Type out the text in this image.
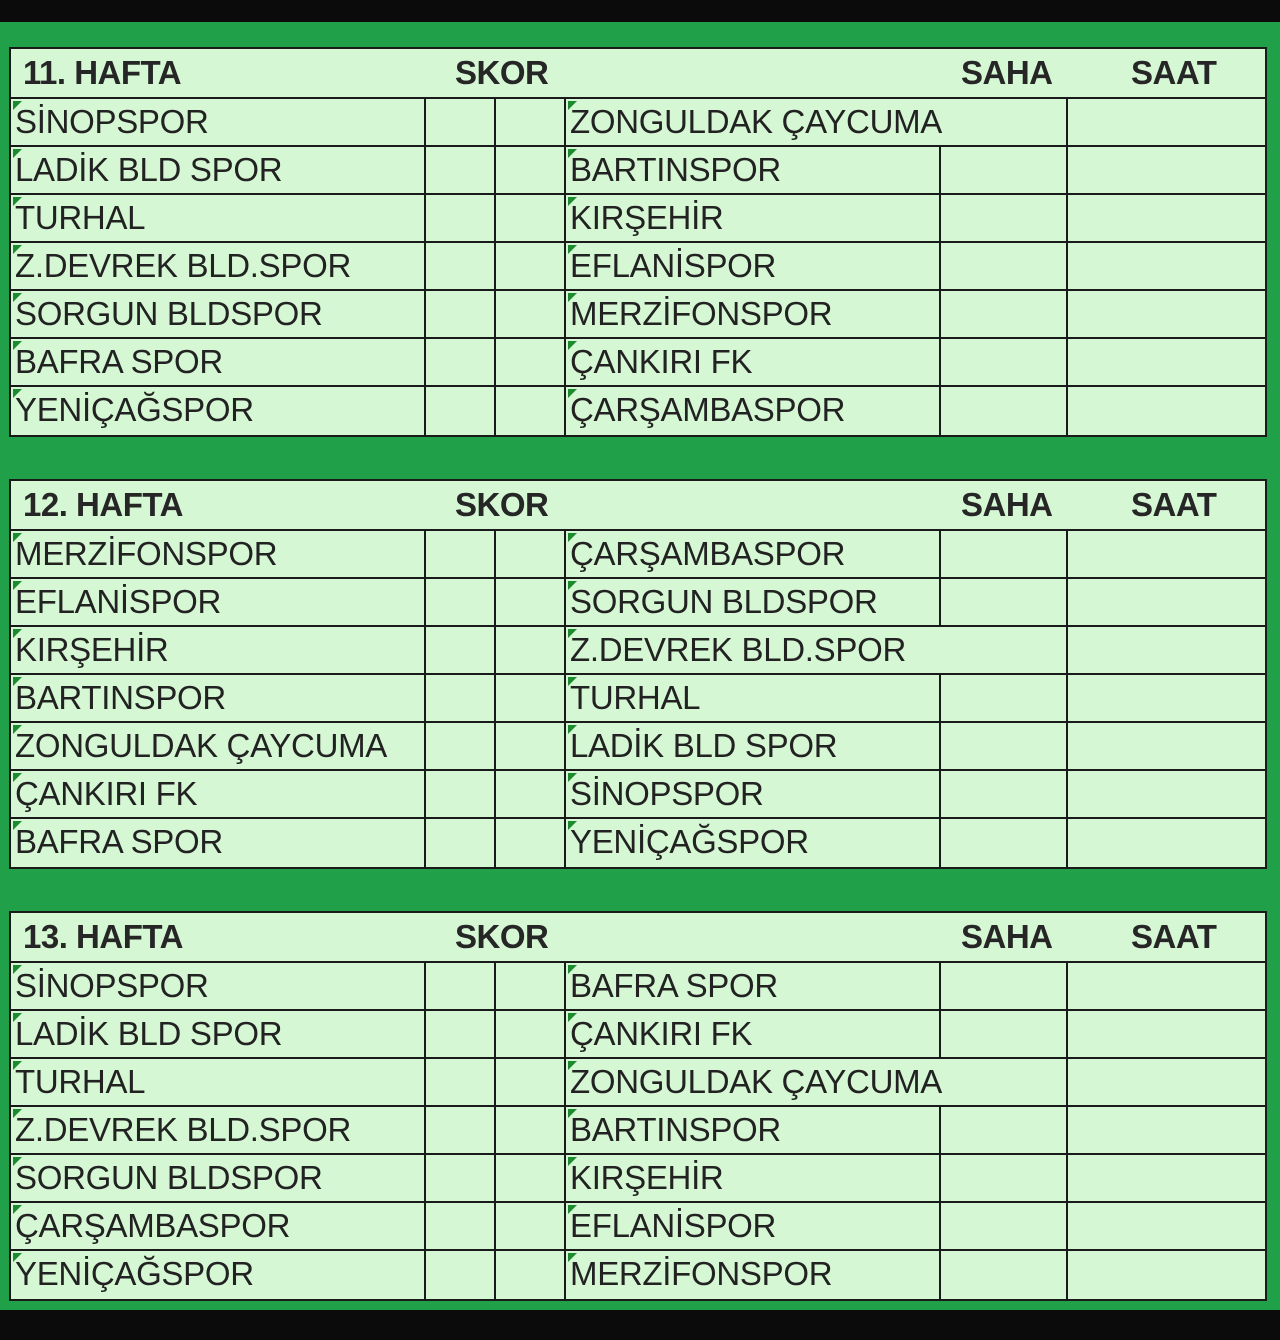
11. HAFTA	SKOR	SAHA SAAT
SİNOPSPOR	ZONGULDAK ÇAYCUMA
LADİK BLD SPOR	BARTINSPOR
TURHAL	KIRŞEHİR
Z.DEVREK BLD.SPOR	EFLANİSPOR
SORGUN BLDSPOR	MERZİFONSPOR
BAFRA SPOR	ÇANKIRI FK
YENİÇAĞSPOR	ÇARŞAMBASPOR
12. HAFTA	SKOR	SAHA SAAT
MERZİFONSPOR	ÇARŞAMBASPOR
EFLANİSPOR	SORGUN BLDSPOR
KIRŞEHİR	Z.DEVREK BLD.SPOR
BARTINSPOR	TURHAL
ZONGULDAK ÇAYCUMA	LADİK BLD SPOR
ÇANKIRI FK	SİNOPSPOR
BAFRA SPOR	YENİÇAĞSPOR
13. HAFTA	SKOR	SAHA SAAT
SİNOPSPOR	BAFRA SPOR
LADİK BLD SPOR	ÇANKIRI FK
TURHAL	ZONGULDAK ÇAYCUMA
Z.DEVREK BLD.SPOR	BARTINSPOR
SORGUN BLDSPOR	KIRŞEHİR
ÇARŞAMBASPOR	EFLANİSPOR
YENİÇAĞSPOR	MERZİFONSPOR
